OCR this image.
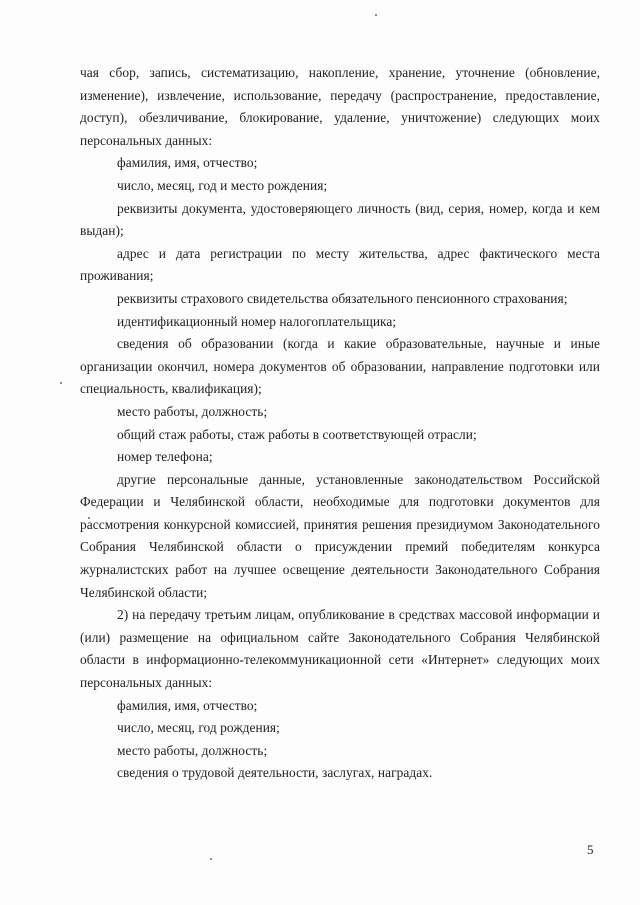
чая сбор, запись, систематизацию, накопление, хранение, уточнение (обновление, изменение), извлечение, использование, передачу (распространение, предоставление, доступ), обезличивание, блокирование, удаление, уничтожение) следующих моих персональных данных:

фамилия, имя, отчество;

число, месяц, год и место рождения;

реквизиты документа, удостоверяющего личность (вид, серия, номер, когда и кем выдан);

адрес и дата регистрации по месту жительства, адрес фактического места проживания;

реквизиты страхового свидетельства обязательного пенсионного страхования;

идентификационный номер налогоплательщика;

сведения об образовании (когда и какие образовательные, научные и иные организации окончил, номера документов об образовании, направление подготовки или специальность, квалификация);

место работы, должность;

общий стаж работы, стаж работы в соответствующей отрасли;

номер телефона;

другие персональные данные, установленные законодательством Российской Федерации и Челябинской области, необходимые для подготовки документов для рассмотрения конкурсной комиссией, принятия решения президиумом Законодательного Собрания Челябинской области о присуждении премий победителям конкурса журналистских работ на лучшее освещение деятельности Законодательного Собрания Челябинской области;

2) на передачу третьим лицам, опубликование в средствах массовой информации и (или) размещение на официальном сайте Законодательного Собрания Челябинской области в информационно-телекоммуникационной сети «Интернет» следующих моих персональных данных:

фамилия, имя, отчество;

число, месяц, год рождения;

место работы, должность;

сведения о трудовой деятельности, заслугах, наградах.

5
